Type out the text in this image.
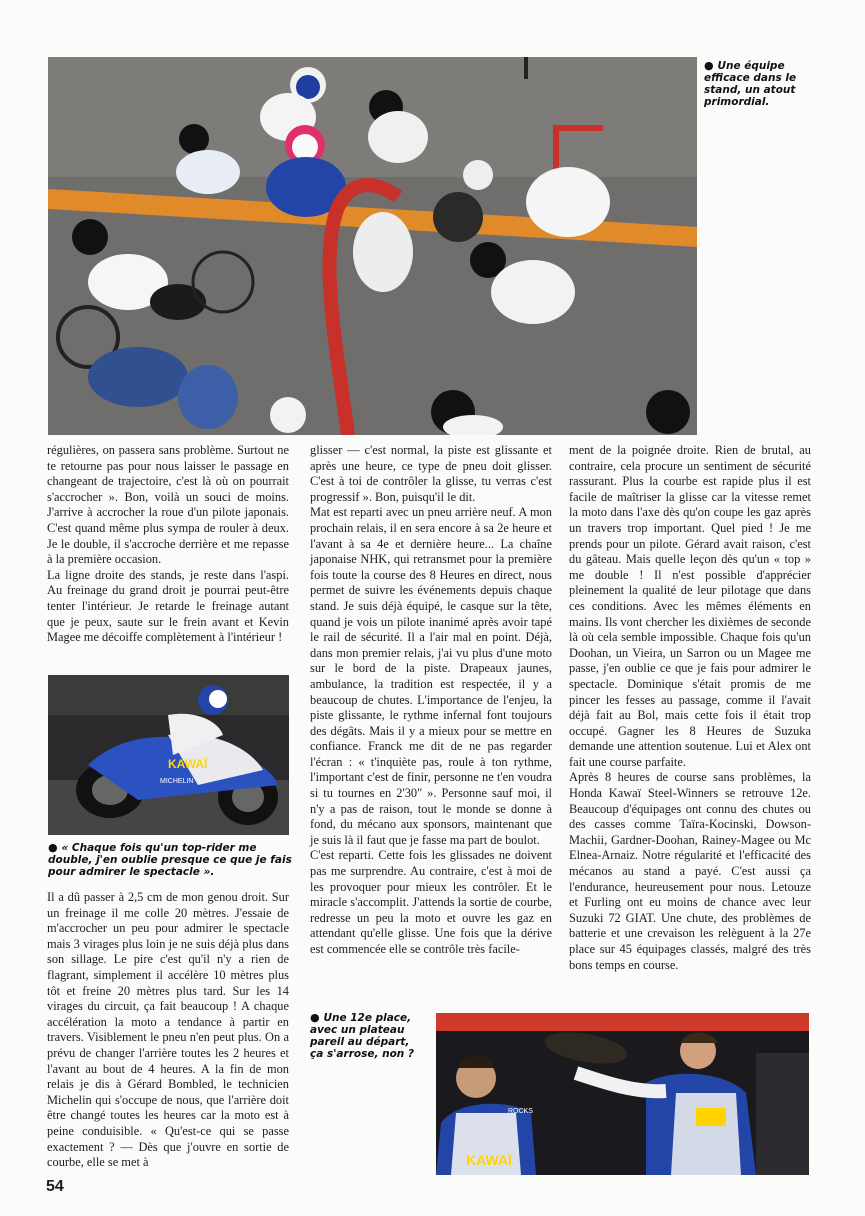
● Une équipe efficace dans le stand, un atout primordial.

régulières, on passera sans problème. Surtout ne te retourne pas pour nous laisser le passage en changeant de trajectoire, c'est là où on pourrait s'accrocher ». Bon, voilà un souci de moins. J'arrive à accrocher la roue d'un pilote japonais. C'est quand même plus sympa de rouler à deux. Je le double, il s'accroche derrière et me repasse à la première occasion.

La ligne droite des stands, je reste dans l'aspi. Au freinage du grand droit je pourrai peut-être tenter l'intérieur. Je retarde le freinage autant que je peux, saute sur le frein avant et Kevin Magee me décoiffe complètement à l'intérieur !

KAWAÏ
MICHELIN
● « Chaque fois qu'un top-rider me double, j'en oublie presque ce que je fais pour admirer le spectacle ».

Il a dû passer à 2,5 cm de mon genou droit. Sur un freinage il me colle 20 mètres. J'essaie de m'accrocher un peu pour admirer le spectacle mais 3 virages plus loin je ne suis déjà plus dans son sillage. Le pire c'est qu'il n'y a rien de flagrant, simplement il accélère 10 mètres plus tôt et freine 20 mètres plus tard. Sur les 14 virages du circuit, ça fait beaucoup ! A chaque accélération la moto a tendance à partir en travers. Visiblement le pneu n'en peut plus. On a prévu de changer l'arrière toutes les 2 heures et l'avant au bout de 4 heures. A la fin de mon relais je dis à Gérard Bombled, le technicien Michelin qui s'occupe de nous, que l'arrière doit être changé toutes les heures car la moto est à peine conduisible. « Qu'est-ce qui se passe exactement ? — Dès que j'ouvre en sortie de courbe, elle se met à

glisser — c'est normal, la piste est glissante et après une heure, ce type de pneu doit glisser. C'est à toi de contrôler la glisse, tu verras c'est progressif ». Bon, puisqu'il le dit.

Mat est reparti avec un pneu arrière neuf. A mon prochain relais, il en sera encore à sa 2e heure et l'avant à sa 4e et dernière heure... La chaîne japonaise NHK, qui retransmet pour la première fois toute la course des 8 Heures en direct, nous permet de suivre les événements depuis chaque stand. Je suis déjà équipé, le casque sur la tête, quand je vois un pilote inanimé après avoir tapé le rail de sécurité. Il a l'air mal en point. Déjà, dans mon premier relais, j'ai vu plus d'une moto sur le bord de la piste. Drapeaux jaunes, ambulance, la tradition est respectée, il y a beaucoup de chutes. L'importance de l'enjeu, la piste glissante, le rythme infernal font toujours des dégâts. Mais il y a mieux pour se mettre en confiance. Franck me dit de ne pas regarder l'écran : « t'inquiète pas, roule à ton rythme, l'important c'est de finir, personne ne t'en voudra si tu tournes en 2'30" ». Personne sauf moi, il n'y a pas de raison, tout le monde se donne à fond, du mécano aux sponsors, maintenant que je suis là il faut que je fasse ma part de boulot.

C'est reparti. Cette fois les glissades ne doivent pas me surprendre. Au contraire, c'est à moi de les provoquer pour mieux les contrôler. Et le miracle s'accomplit. J'attends la sortie de courbe, redresse un peu la moto et ouvre les gaz en attendant qu'elle glisse. Une fois que la dérive est commencée elle se contrôle très facile-

ment de la poignée droite. Rien de brutal, au contraire, cela procure un sentiment de sécurité rassurant. Plus la courbe est rapide plus il est facile de maîtriser la glisse car la vitesse remet la moto dans l'axe dès qu'on coupe les gaz après un travers trop important. Quel pied ! Je me prends pour un pilote. Gérard avait raison, c'est du gâteau. Mais quelle leçon dès qu'un « top » me double ! Il n'est possible d'apprécier pleinement la qualité de leur pilotage que dans ces conditions. Avec les mêmes éléments en mains. Ils vont chercher les dixièmes de seconde là où cela semble impossible. Chaque fois qu'un Doohan, un Vieira, un Sarron ou un Magee me passe, j'en oublie ce que je fais pour admirer le spectacle. Dominique s'était promis de me pincer les fesses au passage, comme il l'avait déjà fait au Bol, mais cette fois il était trop occupé. Gagner les 8 Heures de Suzuka demande une attention soutenue. Lui et Alex ont fait une course parfaite.

Après 8 heures de course sans problèmes, la Honda Kawaï Steel-Winners se retrouve 12e. Beaucoup d'équipages ont connu des chutes ou des casses comme Taïra-Kocinski, Dowson-Machii, Gardner-Doohan, Rainey-Magee ou Mc Elnea-Arnaiz. Notre régularité et l'efficacité des mécanos au stand a payé. C'est aussi ça l'endurance, heureusement pour nous. Letouze et Furling ont eu moins de chance avec leur Suzuki 72 GIAT. Une chute, des problèmes de batterie et une crevaison les relèguent à la 27e place sur 45 équipages classés, malgré des très bons temps en course.

● Une 12e place, avec un plateau pareil au départ, ça s'arrose, non ?
KAWAÏ
ROCKS
54
